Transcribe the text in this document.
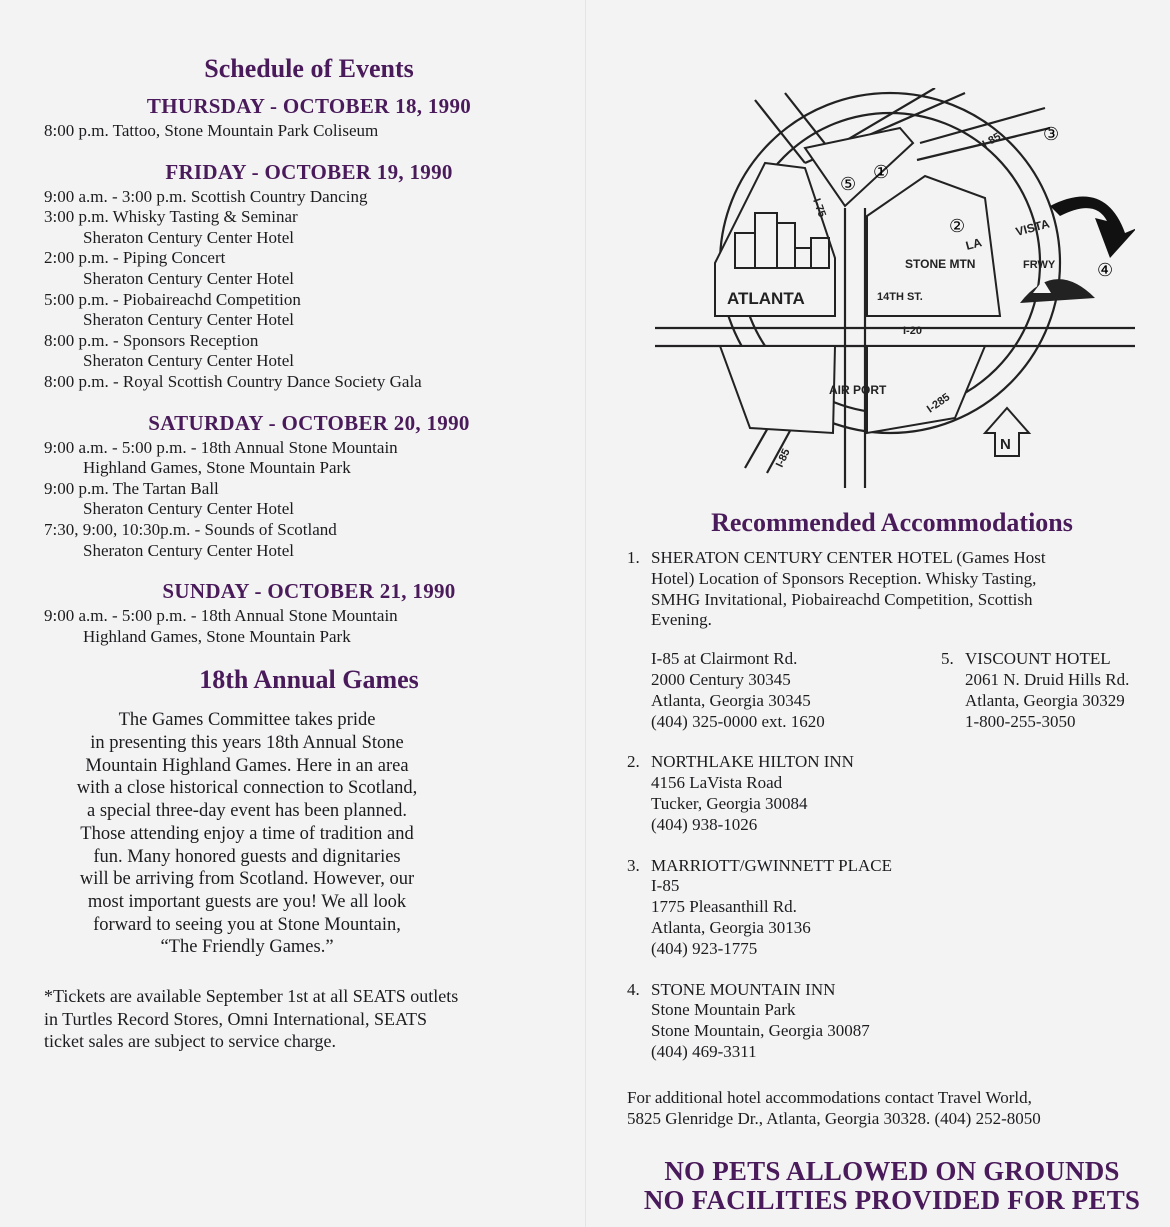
Schedule of Events
THURSDAY - OCTOBER 18, 1990
8:00 p.m. Tattoo, Stone Mountain Park Coliseum
FRIDAY - OCTOBER 19, 1990
9:00 a.m. - 3:00 p.m. Scottish Country Dancing
3:00 p.m. Whisky Tasting & Seminar
Sheraton Century Center Hotel
2:00 p.m. - Piping Concert
Sheraton Century Center Hotel
5:00 p.m. - Piobaireachd Competition
Sheraton Century Center Hotel
8:00 p.m. - Sponsors Reception
Sheraton Century Center Hotel
8:00 p.m. - Royal Scottish Country Dance Society Gala
SATURDAY - OCTOBER 20, 1990
9:00 a.m. - 5:00 p.m. - 18th Annual Stone Mountain
Highland Games, Stone Mountain Park
9:00 p.m. The Tartan Ball
Sheraton Century Center Hotel
7:30, 9:00, 10:30p.m. - Sounds of Scotland
Sheraton Century Center Hotel
SUNDAY - OCTOBER 21, 1990
9:00 a.m. - 5:00 p.m. - 18th Annual Stone Mountain
Highland Games, Stone Mountain Park
18th Annual Games
The Games Committee takes pride
in presenting this years 18th Annual Stone
Mountain Highland Games. Here in an area
with a close historical connection to Scotland,
a special three-day event has been planned.
Those attending enjoy a time of tradition and
fun. Many honored guests and dignitaries
will be arriving from Scotland. However, our
most important guests are you! We all look
forward to seeing you at Stone Mountain,
“The Friendly Games.”
*Tickets are available September 1st at all SEATS outlets
in Turtles Record Stores, Omni International, SEATS
ticket sales are subject to service charge.
ATLANTA
I-75
I-85
STONE MTN
14TH ST.
LA
VISTA
FRWY
I-20
AIR PORT
I-285
I-85
N
①
②
③
④
⑤
Recommended Accommodations
1. SHERATON CENTURY CENTER HOTEL (Games Host
Hotel) Location of Sponsors Reception. Whisky Tasting,
SMHG Invitational, Piobaireachd Competition, Scottish
Evening.
I-85 at Clairmont Rd.
2000 Century 30345
Atlanta, Georgia 30345
(404) 325-0000 ext. 1620
5. VISCOUNT HOTEL
2061 N. Druid Hills Rd.
Atlanta, Georgia 30329
1-800-255-3050
2. NORTHLAKE HILTON INN
4156 LaVista Road
Tucker, Georgia 30084
(404) 938-1026
3. MARRIOTT/GWINNETT PLACE
I-85
1775 Pleasanthill Rd.
Atlanta, Georgia 30136
(404) 923-1775
4. STONE MOUNTAIN INN
Stone Mountain Park
Stone Mountain, Georgia 30087
(404) 469-3311
For additional hotel accommodations contact Travel World,
5825 Glenridge Dr., Atlanta, Georgia 30328. (404) 252-8050
NO PETS ALLOWED ON GROUNDS
NO FACILITIES PROVIDED FOR PETS
